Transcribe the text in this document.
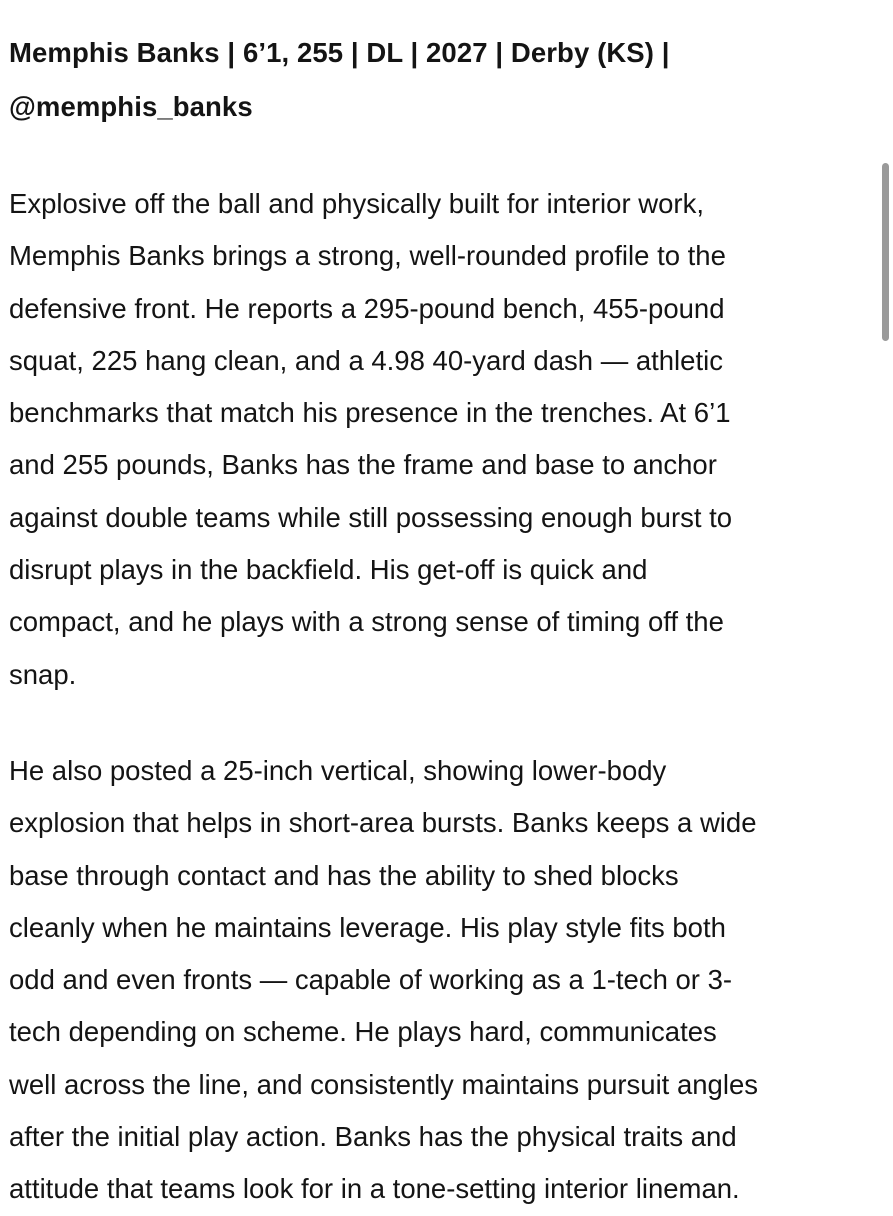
Memphis Banks | 6’1, 255 | DL | 2027 | Derby (KS) |
@memphis_banks

Explosive off the ball and physically built for interior work,
Memphis Banks brings a strong, well-rounded profile to the
defensive front. He reports a 295-pound bench, 455-pound
squat, 225 hang clean, and a 4.98 40-yard dash — athletic
benchmarks that match his presence in the trenches. At 6’1
and 255 pounds, Banks has the frame and base to anchor
against double teams while still possessing enough burst to
disrupt plays in the backfield. His get-off is quick and
compact, and he plays with a strong sense of timing off the
snap.

He also posted a 25-inch vertical, showing lower-body
explosion that helps in short-area bursts. Banks keeps a wide
base through contact and has the ability to shed blocks
cleanly when he maintains leverage. His play style fits both
odd and even fronts — capable of working as a 1-tech or 3-
tech depending on scheme. He plays hard, communicates
well across the line, and consistently maintains pursuit angles
after the initial play action. Banks has the physical traits and
attitude that teams look for in a tone-setting interior lineman.
